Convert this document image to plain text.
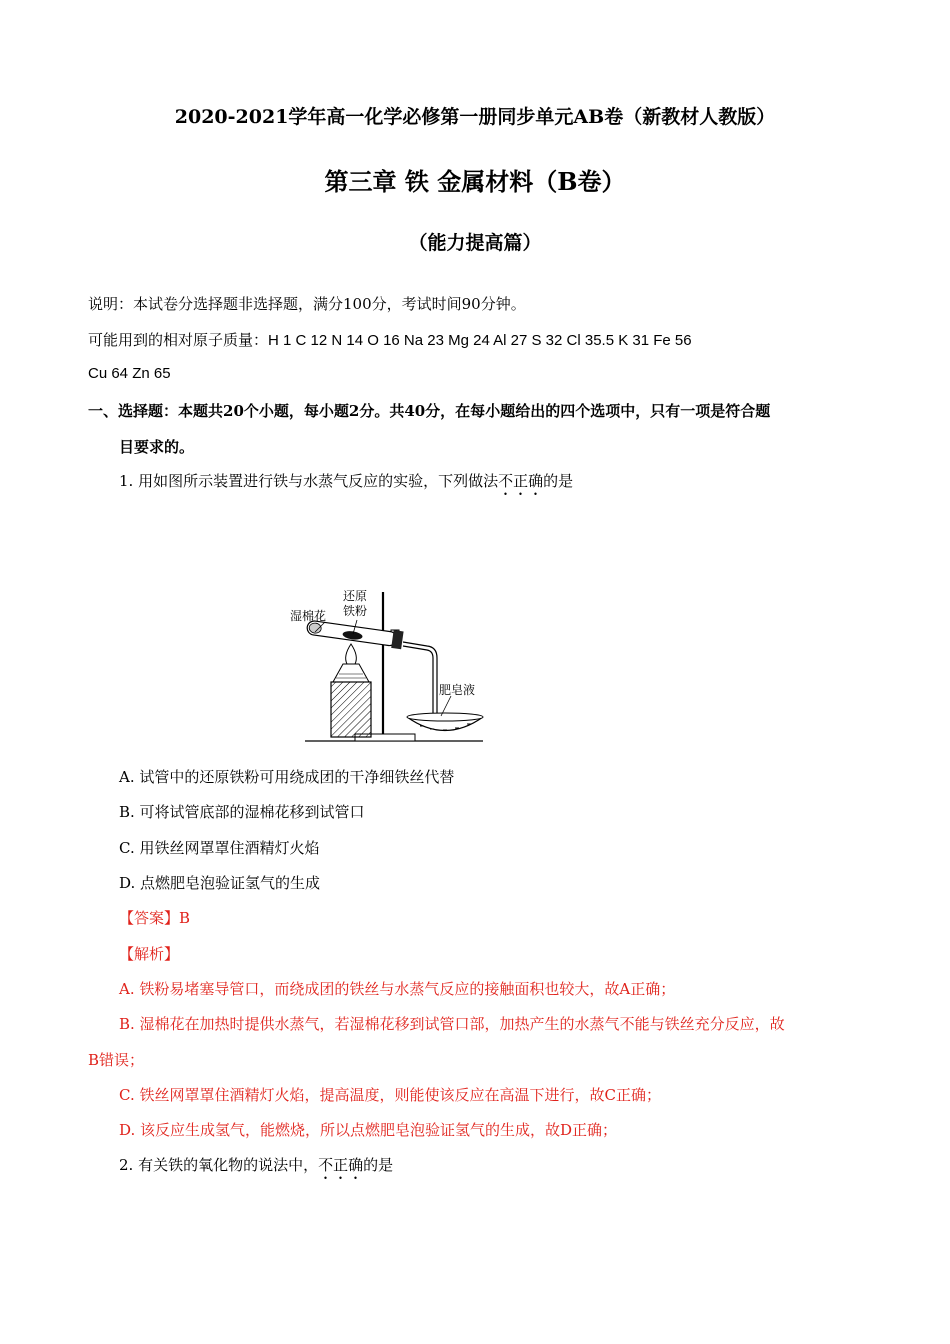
2020-2021学年高一化学必修第一册同步单元AB卷（新教材人教版）
第三章 铁 金属材料（B卷）
（能力提高篇）
说明：本试卷分选择题非选择题，满分100分，考试时间90分钟。
可能用到的相对原子质量：H 1 C 12 N 14 O 16 Na 23 Mg 24 Al 27 S 32 Cl 35.5 K 31 Fe 56
Cu 64 Zn 65
一、选择题：本题共20个小题，每小题2分。共40分，在每小题给出的四个选项中，只有一项是符合题
目要求的。
1. 用如图所示装置进行铁与水蒸气反应的实验，下列做法不正确的是
湿棉花
还原
铁粉
肥皂液
A. 试管中的还原铁粉可用绕成团的干净细铁丝代替
B. 可将试管底部的湿棉花移到试管口
C. 用铁丝网罩罩住酒精灯火焰
D. 点燃肥皂泡验证氢气的生成
【答案】B
【解析】
A. 铁粉易堵塞导管口，而绕成团的铁丝与水蒸气反应的接触面积也较大，故A正确；
B. 湿棉花在加热时提供水蒸气，若湿棉花移到试管口部，加热产生的水蒸气不能与铁丝充分反应，故
B错误；
C. 铁丝网罩罩住酒精灯火焰，提高温度，则能使该反应在高温下进行，故C正确；
D. 该反应生成氢气，能燃烧，所以点燃肥皂泡验证氢气的生成，故D正确；
2. 有关铁的氧化物的说法中，不正确的是
